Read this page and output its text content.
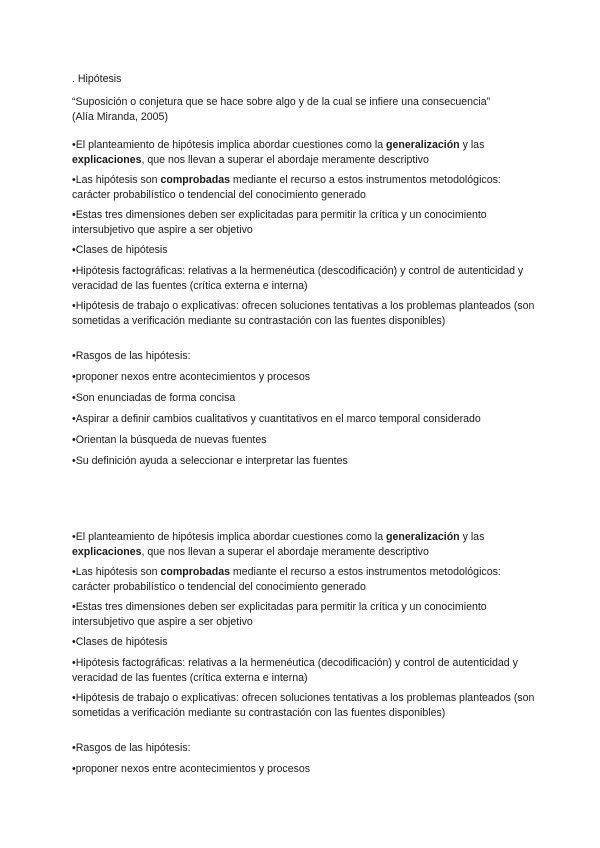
. Hipótesis
“Suposición o conjetura que se hace sobre algo y de la cual se infiere una consecuencia”
(Alía Miranda, 2005)
•El planteamiento de hipótesis implica abordar cuestiones como la generalización y las explicaciones, que nos llevan a superar el abordaje meramente descriptivo
•Las hipótesis son comprobadas mediante el recurso a estos instrumentos metodológicos: carácter probabilístico o tendencial del conocimiento generado
•Estas tres dimensiones deben ser explicitadas para permitir la crítica y un conocimiento intersubjetivo que aspire a ser objetivo
•Clases de hipótesis
•Hipótesis factográficas: relativas a la hermenéutica (descodificación) y control de autenticidad y veracidad de las fuentes (crítica externa e interna)
•Hipótesis de trabajo o explicativas: ofrecen soluciones tentativas a los problemas planteados (son sometidas a verificación mediante su contrastación con las fuentes disponibles)
•Rasgos de las hipótesis:
•proponer nexos entre acontecimientos y procesos
•Son enunciadas de forma concisa
•Aspirar a definir cambios cualitativos y cuantitativos en el marco temporal considerado
•Orientan la búsqueda de nuevas fuentes
•Su definición ayuda a seleccionar e interpretar las fuentes
•El planteamiento de hipótesis implica abordar cuestiones como la generalización y las explicaciones, que nos llevan a superar el abordaje meramente descriptivo
•Las hipótesis son comprobadas mediante el recurso a estos instrumentos metodológicos: carácter probabilístico o tendencial del conocimiento generado
•Estas tres dimensiones deben ser explicitadas para permitir la crítica y un conocimiento intersubjetivo que aspire a ser objetivo
•Clases de hipótesis
•Hipótesis factográficas: relativas a la hermenéutica (decodificación) y control de autenticidad y veracidad de las fuentes (crítica externa e interna)
•Hipótesis de trabajo o explicativas: ofrecen soluciones tentativas a los problemas planteados (son sometidas a verificación mediante su contrastación con las fuentes disponibles)
•Rasgos de las hipótesis:
•proponer nexos entre acontecimientos y procesos
